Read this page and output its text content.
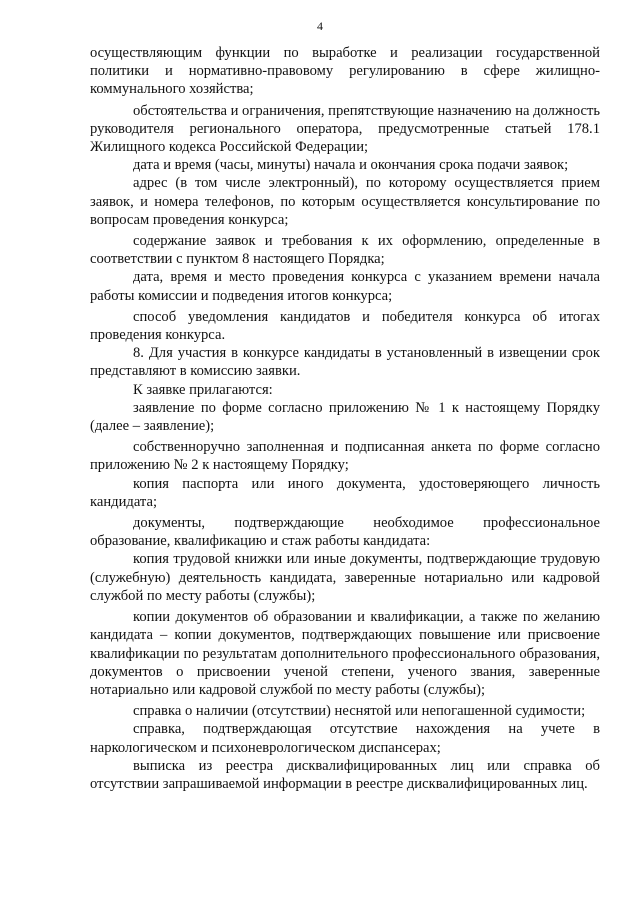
4

осуществляющим функции по выработке и реализации государственной политики и нормативно-правовому регулированию в сфере жилищно-коммунального хозяйства;

обстоятельства и ограничения, препятствующие назначению на должность руководителя регионального оператора, предусмотренные статьей 178.1 Жилищного кодекса Российской Федерации;

дата и время (часы, минуты) начала и окончания срока подачи заявок;

адрес (в том числе электронный), по которому осуществляется прием заявок, и номера телефонов, по которым осуществляется консультирование по вопросам проведения конкурса;

содержание заявок и требования к их оформлению, определенные в соответствии с пунктом 8 настоящего Порядка;

дата, время и место проведения конкурса с указанием времени начала работы комиссии и подведения итогов конкурса;

способ уведомления кандидатов и победителя конкурса об итогах проведения конкурса.

8. Для участия в конкурсе кандидаты в установленный в извещении срок представляют в комиссию заявки.

К заявке прилагаются:

заявление по форме согласно приложению № 1 к настоящему Порядку (далее – заявление);

собственноручно заполненная и подписанная анкета по форме согласно приложению № 2 к настоящему Порядку;

копия паспорта или иного документа, удостоверяющего личность кандидата;

документы, подтверждающие необходимое профессиональное образование, квалификацию и стаж работы кандидата:

копия трудовой книжки или иные документы, подтверждающие трудовую (служебную) деятельность кандидата, заверенные нотариально или кадровой службой по месту работы (службы);

копии документов об образовании и квалификации, а также по желанию кандидата – копии документов, подтверждающих повышение или присвоение квалификации по результатам дополнительного профессионального образования, документов о присвоении ученой степени, ученого звания, заверенные нотариально или кадровой службой по месту работы (службы);

справка о наличии (отсутствии) неснятой или непогашенной судимости;

справка, подтверждающая отсутствие нахождения на учете в наркологическом и психоневрологическом диспансерах;

выписка из реестра дисквалифицированных лиц или справка об отсутствии запрашиваемой информации в реестре дисквалифицированных лиц.
